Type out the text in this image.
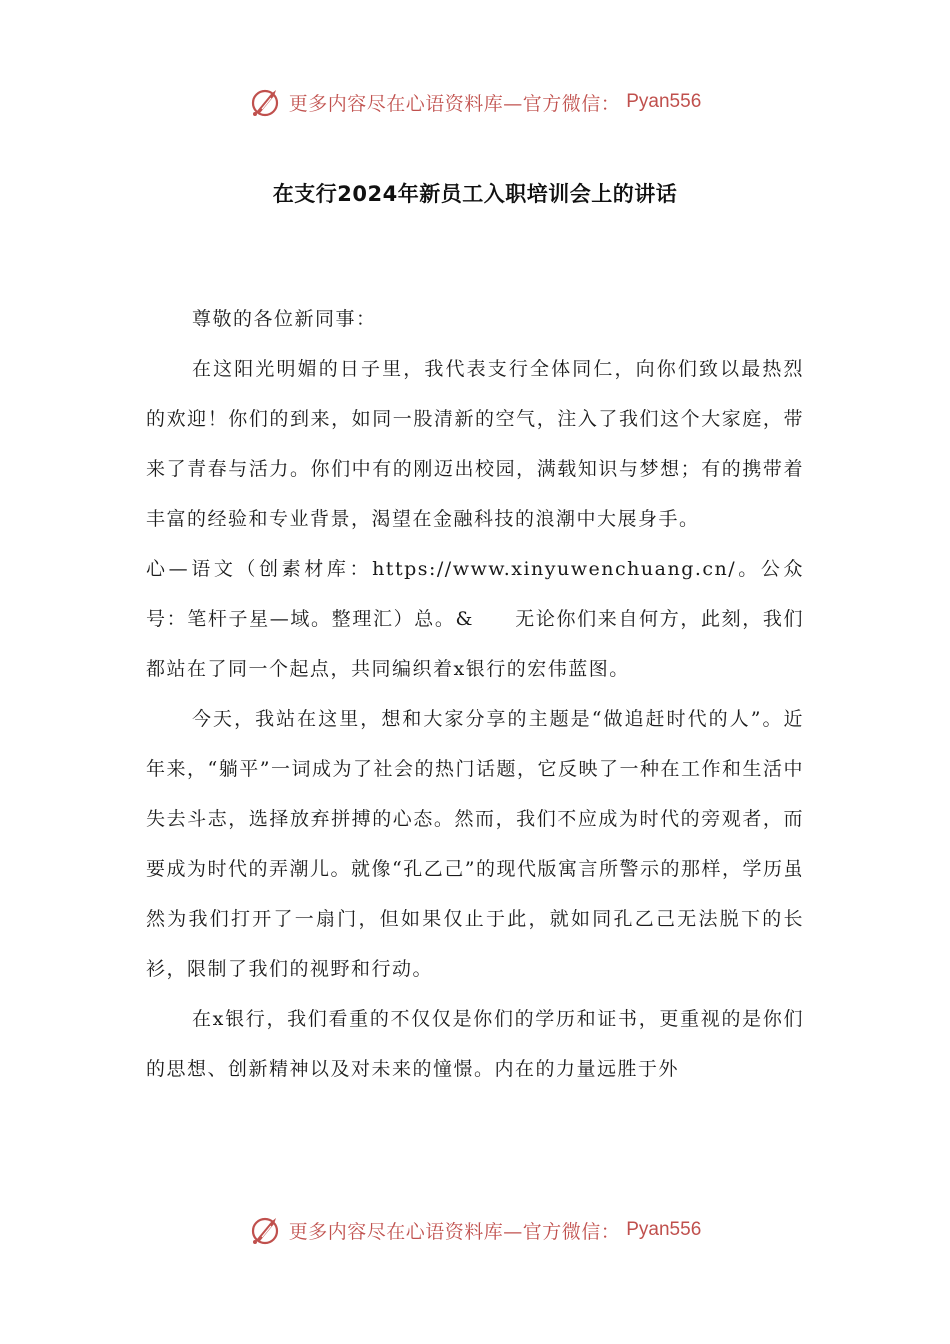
更多内容尽在心语资料库—官方微信： Pyan556
在支行2024年新员工入职培训会上的讲话

尊敬的各位新同事：

在这阳光明媚的日子里，我代表支行全体同仁，向你们致以最热烈的欢迎！你们的到来，如同一股清新的空气，注入了我们这个大家庭，带来了青春与活力。你们中有的刚迈出校园，满载知识与梦想；有的携带着丰富的经验和专业背景，渴望在金融科技的浪潮中大展身手。

心—语文（创素材库：https://www.xinyuwenchuang.cn/。公众号：笔杆子星—域。整理汇）总。&　　无论你们来自何方，此刻，我们都站在了同一个起点，共同编织着x银行的宏伟蓝图。

今天，我站在这里，想和大家分享的主题是“做追赶时代的人”。近年来，“躺平”一词成为了社会的热门话题，它反映了一种在工作和生活中失去斗志，选择放弃拼搏的心态。然而，我们不应成为时代的旁观者，而要成为时代的弄潮儿。就像“孔乙己”的现代版寓言所警示的那样，学历虽然为我们打开了一扇门，但如果仅止于此，就如同孔乙己无法脱下的长衫，限制了我们的视野和行动。

在x银行，我们看重的不仅仅是你们的学历和证书，更重视的是你们的思想、创新精神以及对未来的憧憬。内在的力量远胜于外

更多内容尽在心语资料库—官方微信： Pyan556
